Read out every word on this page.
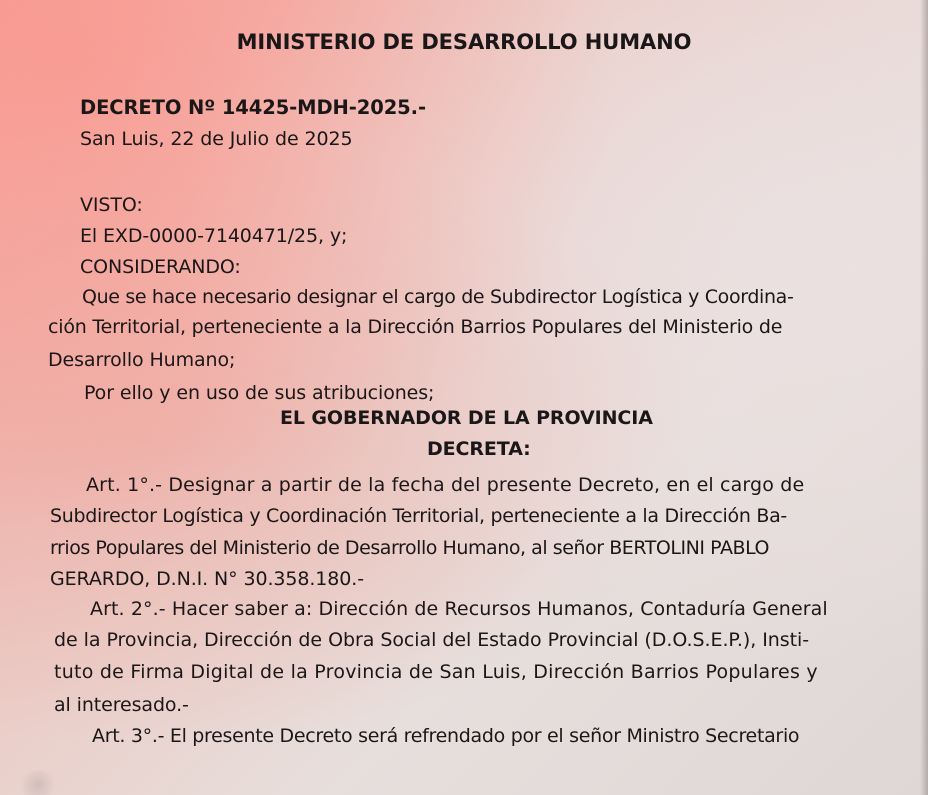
MINISTERIO DE DESARROLLO HUMANO
DECRETO Nº 14425-MDH-2025.-
San Luis, 22 de Julio de 2025
VISTO:
El EXD-0000-7140471/25, y;
CONSIDERANDO:
Que se hace necesario designar el cargo de Subdirector Logística y Coordina-
ción Territorial, perteneciente a la Dirección Barrios Populares del Ministerio de
Desarrollo Humano;
Por ello y en uso de sus atribuciones;
EL GOBERNADOR DE LA PROVINCIA
DECRETA:
Art. 1°.- Designar a partir de la fecha del presente Decreto, en el cargo de
Subdirector Logística y Coordinación Territorial, perteneciente a la Dirección Ba-
rrios Populares del Ministerio de Desarrollo Humano, al señor BERTOLINI PABLO
GERARDO, D.N.I. N° 30.358.180.-
Art. 2°.- Hacer saber a: Dirección de Recursos Humanos, Contaduría General
de la Provincia, Dirección de Obra Social del Estado Provincial (D.O.S.E.P.), Insti-
tuto de Firma Digital de la Provincia de San Luis, Dirección Barrios Populares y
al interesado.-
Art. 3°.- El presente Decreto será refrendado por el señor Ministro Secretario
